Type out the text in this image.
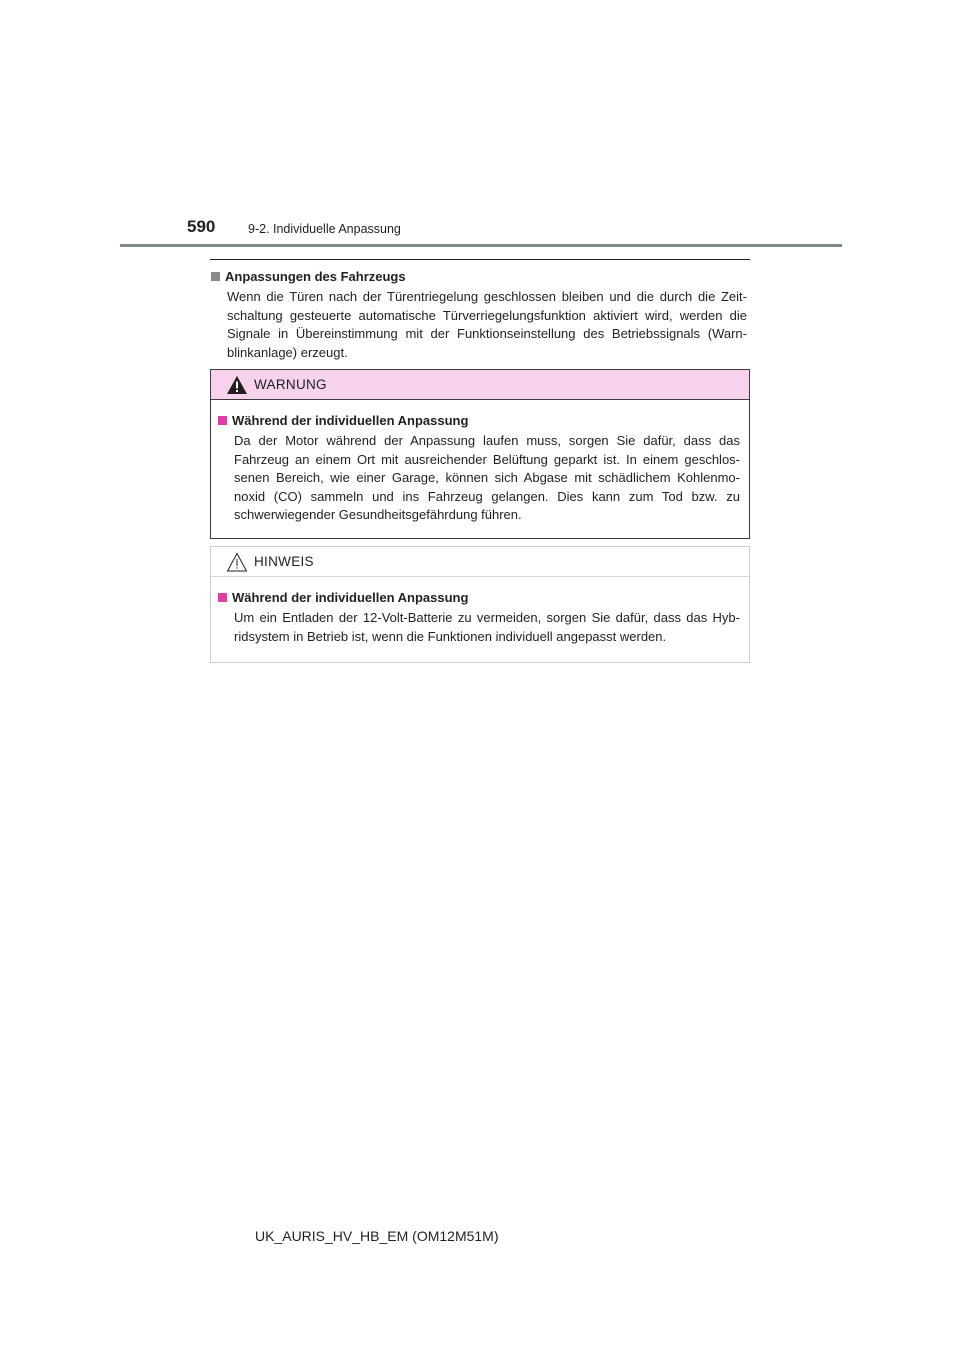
590	9-2. Individuelle Anpassung
Anpassungen des Fahrzeugs

Wenn die Türen nach der Türentriegelung geschlossen bleiben und die durch die Zeit-schaltung gesteuerte automatische Türverriegelungsfunktion aktiviert wird, werden die Signale in Übereinstimmung mit der Funktionseinstellung des Betriebssignals (Warn-blinkanlage) erzeugt.

WARNUNG
Während der individuellen Anpassung

Da der Motor während der Anpassung laufen muss, sorgen Sie dafür, dass das Fahrzeug an einem Ort mit ausreichender Belüftung geparkt ist. In einem geschlos-senen Bereich, wie einer Garage, können sich Abgase mit schädlichem Kohlenmo-noxid (CO) sammeln und ins Fahrzeug gelangen. Dies kann zum Tod bzw. zu schwerwiegender Gesundheitsgefährdung führen.

HINWEIS
Während der individuellen Anpassung

Um ein Entladen der 12-Volt-Batterie zu vermeiden, sorgen Sie dafür, dass das Hyb-ridsystem in Betrieb ist, wenn die Funktionen individuell angepasst werden.

UK_AURIS_HV_HB_EM (OM12M51M)
